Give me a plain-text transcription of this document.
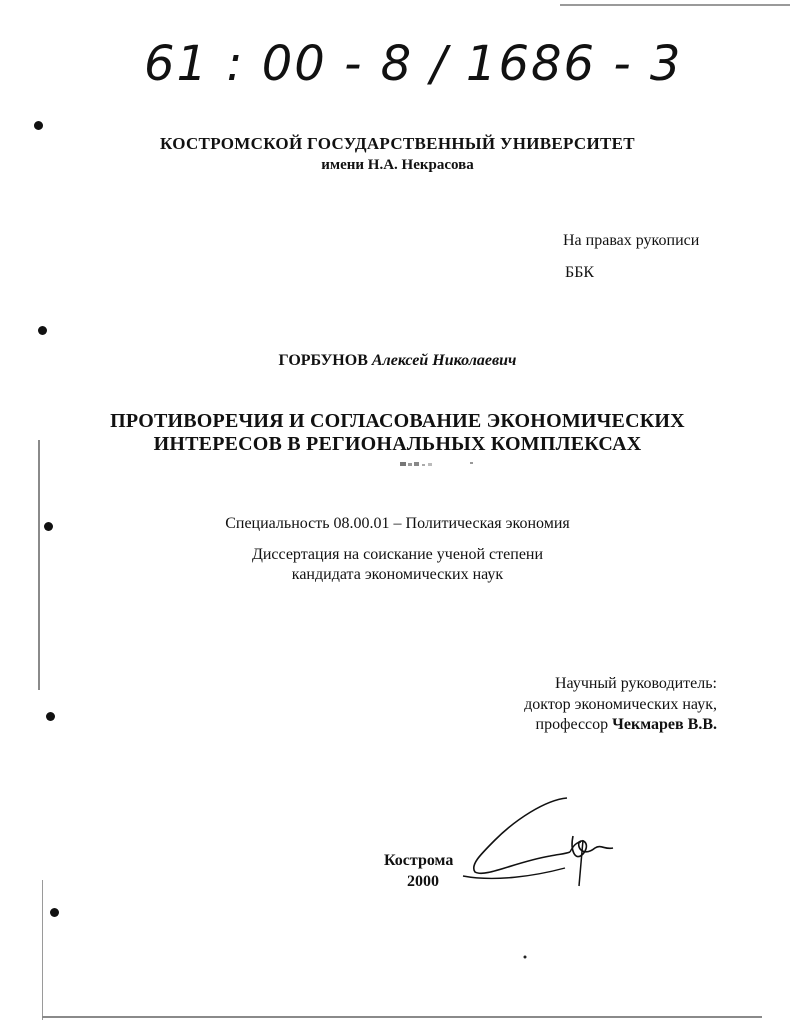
61 : 00 - 8 / 1686 - 3
КОСТРОМСКОЙ ГОСУДАРСТВЕННЫЙ УНИВЕРСИТЕТ
имени Н.А. Некрасова
На правах рукописи
ББК
ГОРБУНОВ Алексей Николаевич
ПРОТИВОРЕЧИЯ И СОГЛАСОВАНИЕ ЭКОНОМИЧЕСКИХ
ИНТЕРЕСОВ В РЕГИОНАЛЬНЫХ КОМПЛЕКСАХ
Специальность 08.00.01 – Политическая экономия
Диссертация на соискание ученой степени
кандидата экономических наук
Научный руководитель:
доктор экономических наук,
профессор Чекмарев В.В.
Кострома
2000
